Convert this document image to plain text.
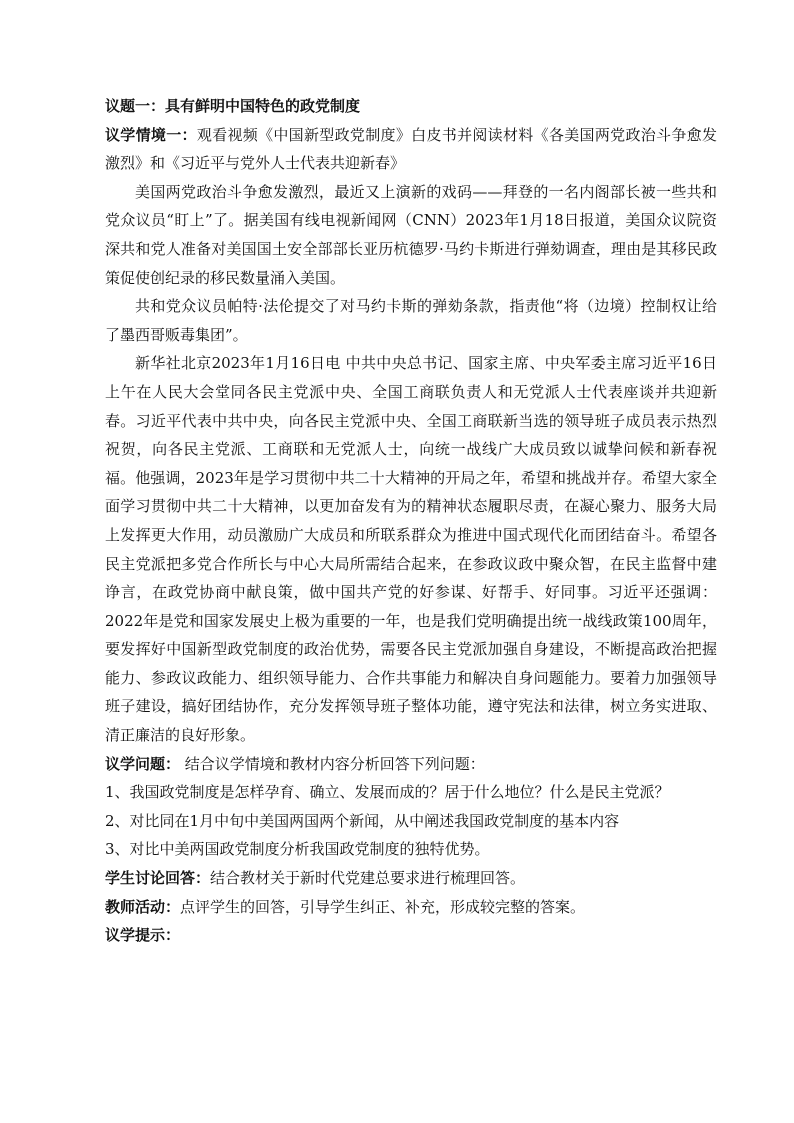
议题一：具有鲜明中国特色的政党制度

议学情境一：观看视频《中国新型政党制度》白皮书并阅读材料《各美国两党政治斗争愈发激烈》和《习近平与党外人士代表共迎新春》

美国两党政治斗争愈发激烈，最近又上演新的戏码——拜登的一名内阁部长被一些共和党众议员“盯上”了。据美国有线电视新闻网（CNN）2023年1月18日报道，美国众议院资深共和党人准备对美国国土安全部部长亚历杭德罗·马约卡斯进行弹劾调查，理由是其移民政策促使创纪录的移民数量涌入美国。

共和党众议员帕特·法伦提交了对马约卡斯的弹劾条款，指责他“将（边境）控制权让给了墨西哥贩毒集团”。

新华社北京2023年1月16日电 中共中央总书记、国家主席、中央军委主席习近平16日上午在人民大会堂同各民主党派中央、全国工商联负责人和无党派人士代表座谈并共迎新春。习近平代表中共中央，向各民主党派中央、全国工商联新当选的领导班子成员表示热烈祝贺，向各民主党派、工商联和无党派人士，向统一战线广大成员致以诚挚问候和新春祝福。他强调，2023年是学习贯彻中共二十大精神的开局之年，希望和挑战并存。希望大家全面学习贯彻中共二十大精神，以更加奋发有为的精神状态履职尽责，在凝心聚力、服务大局上发挥更大作用，动员激励广大成员和所联系群众为推进中国式现代化而团结奋斗。希望各民主党派把多党合作所长与中心大局所需结合起来，在参政议政中聚众智，在民主监督中建诤言，在政党协商中献良策，做中国共产党的好参谋、好帮手、好同事。习近平还强调：2022年是党和国家发展史上极为重要的一年，也是我们党明确提出统一战线政策100周年，要发挥好中国新型政党制度的政治优势，需要各民主党派加强自身建设，不断提高政治把握能力、参政议政能力、组织领导能力、合作共事能力和解决自身问题能力。要着力加强领导班子建设，搞好团结协作，充分发挥领导班子整体功能，遵守宪法和法律，树立务实进取、清正廉洁的良好形象。

议学问题： 结合议学情境和教材内容分析回答下列问题：

1、我国政党制度是怎样孕育、确立、发展而成的？居于什么地位？什么是民主党派？

2、对比同在1月中旬中美国两国两个新闻，从中阐述我国政党制度的基本内容

3、对比中美两国政党制度分析我国政党制度的独特优势。

学生讨论回答：结合教材关于新时代党建总要求进行梳理回答。

教师活动：点评学生的回答，引导学生纠正、补充，形成较完整的答案。

议学提示：
